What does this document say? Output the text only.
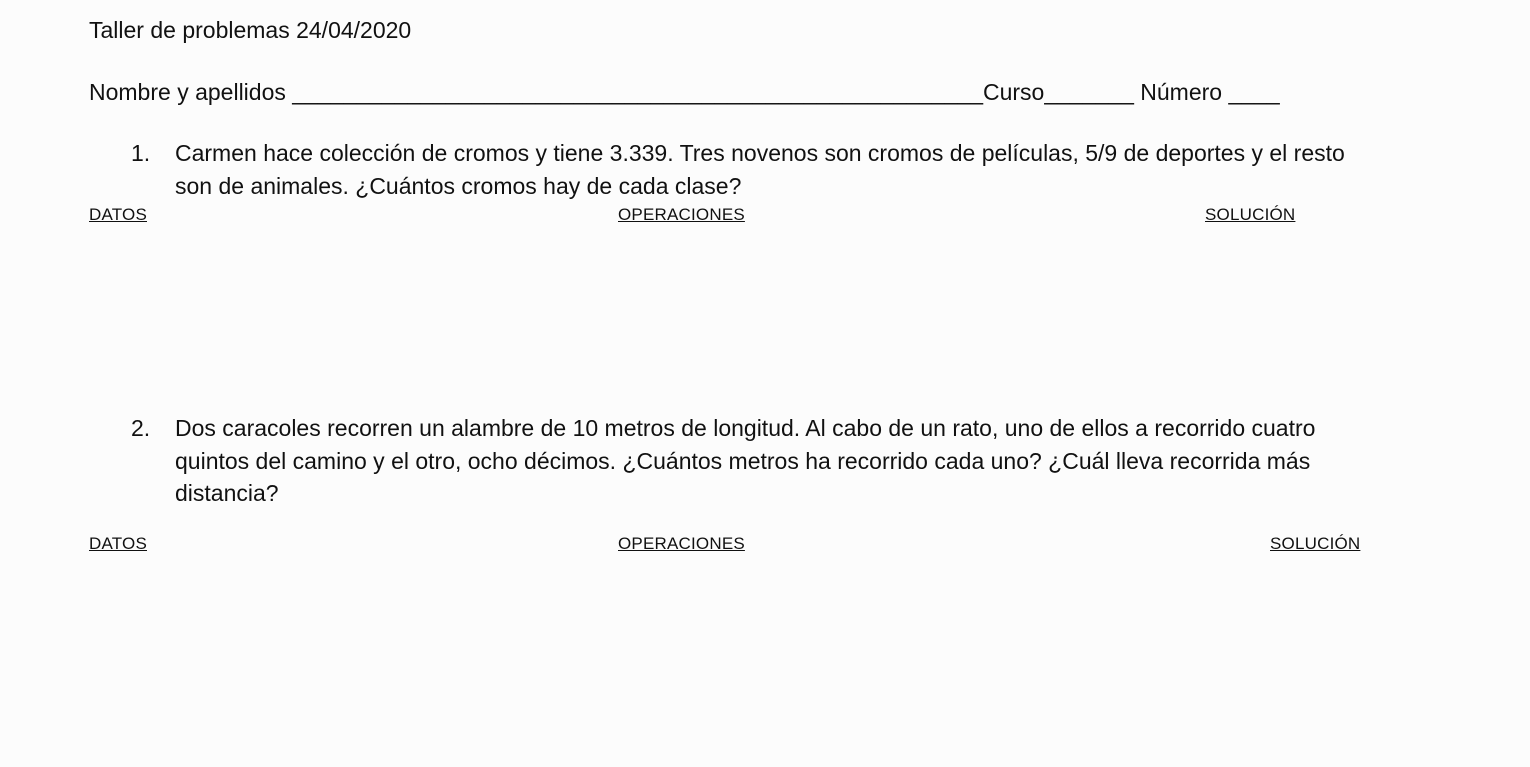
Taller de problemas 24/04/2020
Nombre y apellidos ______________________________________________________Curso_______ Número ____
1. Carmen hace colección de cromos y tiene 3.339. Tres novenos son cromos de películas, 5/9 de deportes y el resto
son de animales. ¿Cuántos cromos hay de cada clase?
DATOS	OPERACIONES	SOLUCIÓN
2. Dos caracoles recorren un alambre de 10 metros de longitud. Al cabo de un rato, uno de ellos a recorrido cuatro
quintos del camino y el otro, ocho décimos. ¿Cuántos metros ha recorrido cada uno? ¿Cuál lleva recorrida más
distancia?
DATOS	OPERACIONES	SOLUCIÓN
